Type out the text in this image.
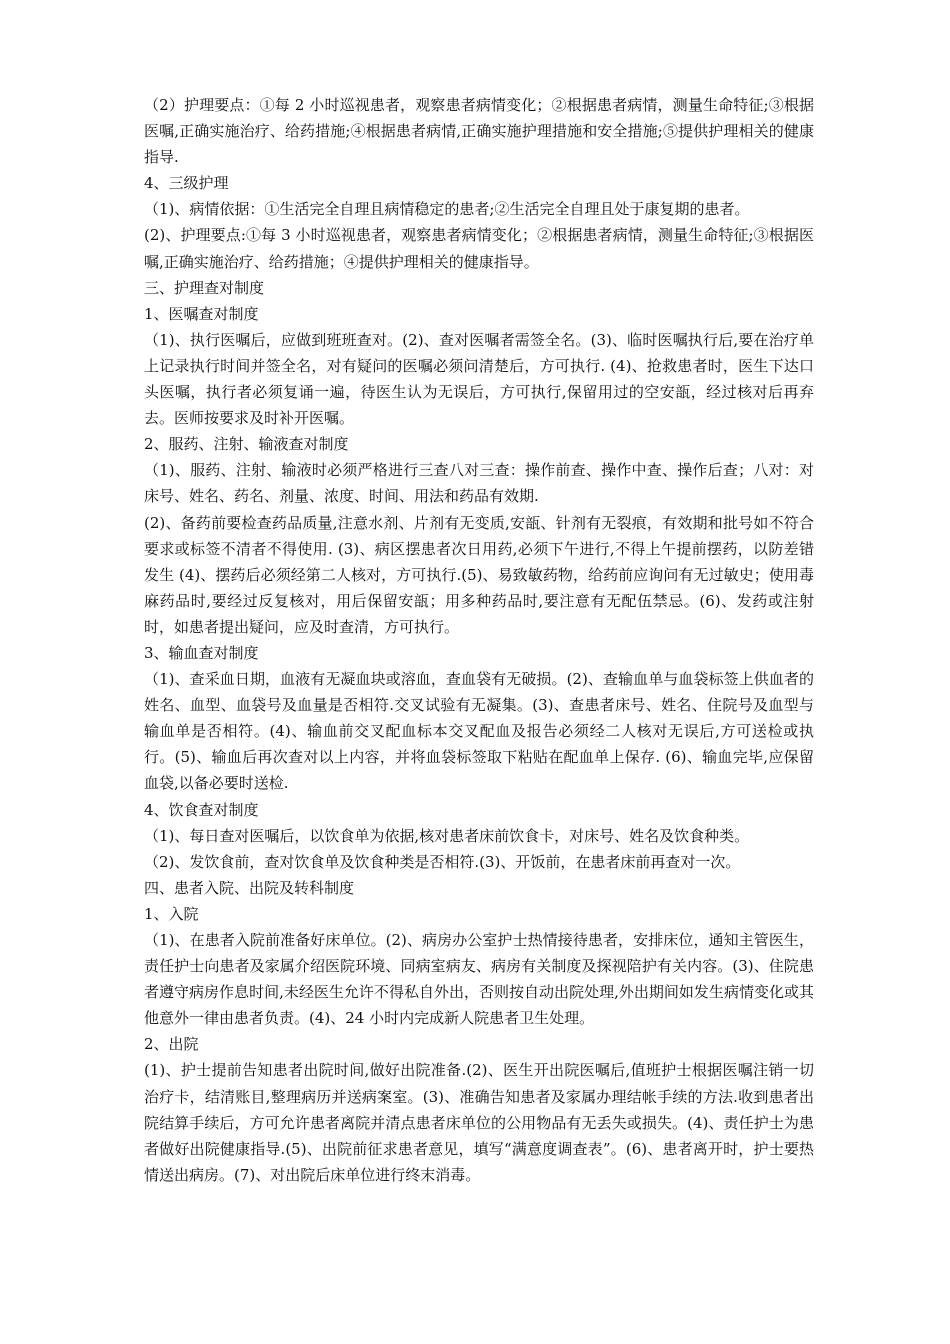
（2）护理要点：①每 2 小时巡视患者，观察患者病情变化；②根据患者病情，测量生命特征;③根据医嘱,正确实施治疗、给药措施;④根据患者病情,正确实施护理措施和安全措施;⑤提供护理相关的健康指导.

4、三级护理

（1)、病情依据：①生活完全自理且病情稳定的患者;②生活完全自理且处于康复期的患者。

(2)、护理要点:①每 3 小时巡视患者，观察患者病情变化；②根据患者病情，测量生命特征;③根据医嘱,正确实施治疗、给药措施；④提供护理相关的健康指导。

三、护理查对制度

1、医嘱查对制度

（1)、执行医嘱后，应做到班班查对。(2)、查对医嘱者需签全名。(3)、临时医嘱执行后,要在治疗单上记录执行时间并签全名，对有疑问的医嘱必须问清楚后，方可执行. (4)、抢救患者时，医生下达口头医嘱，执行者必须复诵一遍，待医生认为无误后，方可执行,保留用过的空安瓿，经过核对后再弃去。医师按要求及时补开医嘱。

2、服药、注射、输液查对制度

（1)、服药、注射、输液时必须严格进行三查八对三查：操作前查、操作中查、操作后查；八对：对床号、姓名、药名、剂量、浓度、时间、用法和药品有效期.

(2)、备药前要检查药品质量,注意水剂、片剂有无变质,安瓿、针剂有无裂痕，有效期和批号如不符合要求或标签不清者不得使用. (3)、病区摆患者次日用药,必须下午进行,不得上午提前摆药，以防差错发生 (4)、摆药后必须经第二人核对，方可执行.(5)、易致敏药物，给药前应询问有无过敏史；使用毒麻药品时,要经过反复核对，用后保留安瓿；用多种药品时,要注意有无配伍禁忌。(6)、发药或注射时，如患者提出疑问，应及时查清，方可执行。

3、输血查对制度

（1)、查采血日期，血液有无凝血块或溶血，查血袋有无破损。(2)、查输血单与血袋标签上供血者的姓名、血型、血袋号及血量是否相符.交叉试验有无凝集。(3)、查患者床号、姓名、住院号及血型与输血单是否相符。(4)、输血前交叉配血标本交叉配血及报告必须经二人核对无误后,方可送检或执行。(5)、输血后再次查对以上内容，并将血袋标签取下粘贴在配血单上保存. (6)、输血完毕,应保留血袋,以备必要时送检.

4、饮食查对制度

（1)、每日查对医嘱后，以饮食单为依据,核对患者床前饮食卡，对床号、姓名及饮食种类。

（2)、发饮食前，查对饮食单及饮食种类是否相符.(3)、开饭前，在患者床前再查对一次。

四、患者入院、出院及转科制度

1、入院

（1)、在患者入院前准备好床单位。(2)、病房办公室护士热情接待患者，安排床位，通知主管医生，责任护士向患者及家属介绍医院环境、同病室病友、病房有关制度及探视陪护有关内容。(3)、住院患者遵守病房作息时间,未经医生允许不得私自外出，否则按自动出院处理,外出期间如发生病情变化或其他意外一律由患者负责。(4)、24 小时内完成新人院患者卫生处理。

2、出院

(1)、护士提前告知患者出院时间,做好出院准备.(2)、医生开出院医嘱后,值班护士根据医嘱注销一切治疗卡，结清账目,整理病历并送病案室。(3)、准确告知患者及家属办理结帐手续的方法.收到患者出院结算手续后，方可允许患者离院并清点患者床单位的公用物品有无丢失或损失。(4)、责任护士为患者做好出院健康指导.(5)、出院前征求患者意见，填写“满意度调查表”。(6)、患者离开时，护士要热情送出病房。(7)、对出院后床单位进行终末消毒。
